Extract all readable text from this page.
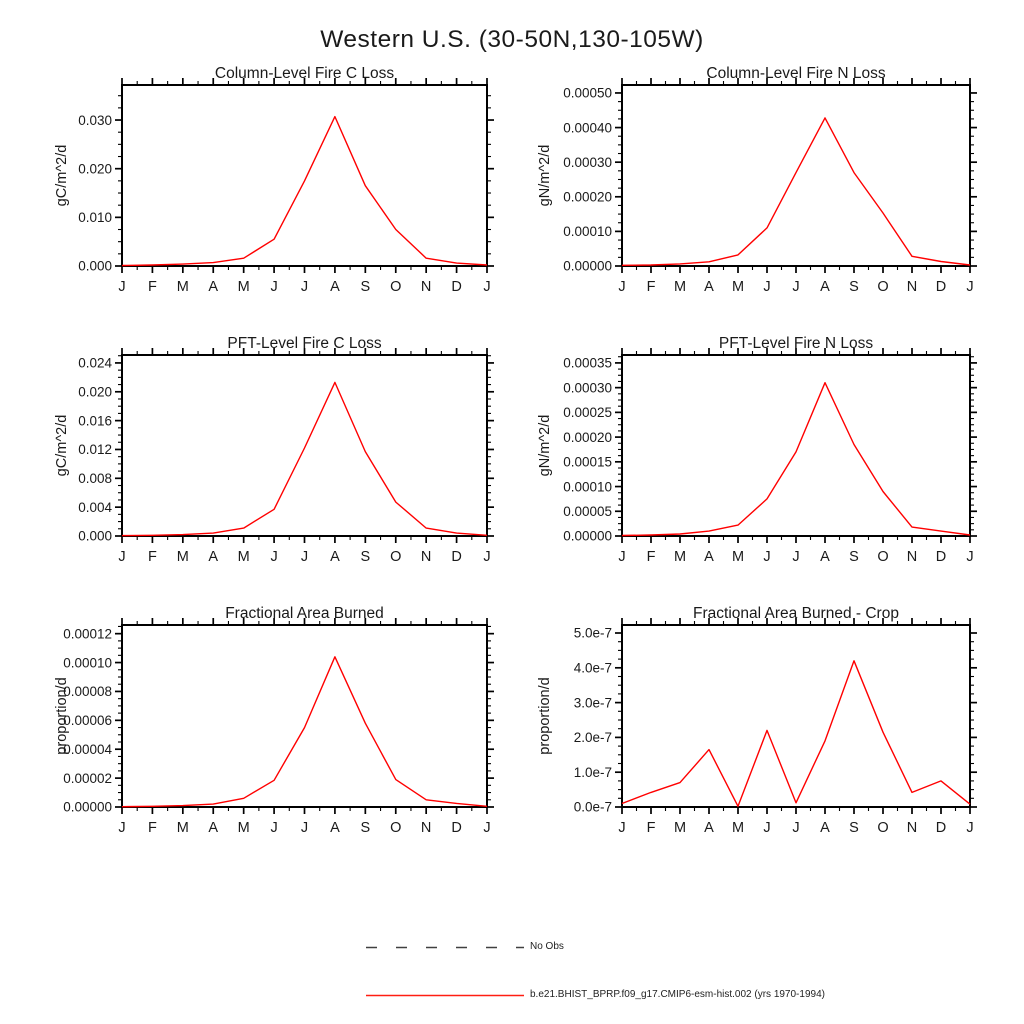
Western U.S. (30-50N,130-105W)
0.000
0.010
0.020
0.030
J F M A M J J A S O N D J
Column-Level Fire C Loss
gC/m^2/d
0.00000
0.00010
0.00020
0.00030
0.00040
0.00050
J F M A M J J A S O N D J
Column-Level Fire N Loss
gN/m^2/d
0.000
0.004
0.008
0.012
0.016
0.020
0.024
J F M A M J J A S O N D J
PFT-Level Fire C Loss
gC/m^2/d
0.00000
0.00005
0.00010
0.00015
0.00020
0.00025
0.00030
0.00035
J F M A M J J A S O N D J
PFT-Level Fire N Loss
gN/m^2/d
0.00000
0.00002
0.00004
0.00006
0.00008
0.00010
0.00012
J F M A M J J A S O N D J
Fractional Area Burned
proportion/d
0.0e-7
1.0e-7
2.0e-7
3.0e-7
4.0e-7
5.0e-7
J F M A M J J A S O N D J
Fractional Area Burned - Crop
proportion/d
No Obs
b.e21.BHIST_BPRP.f09_g17.CMIP6-esm-hist.002 (yrs 1970-1994)
